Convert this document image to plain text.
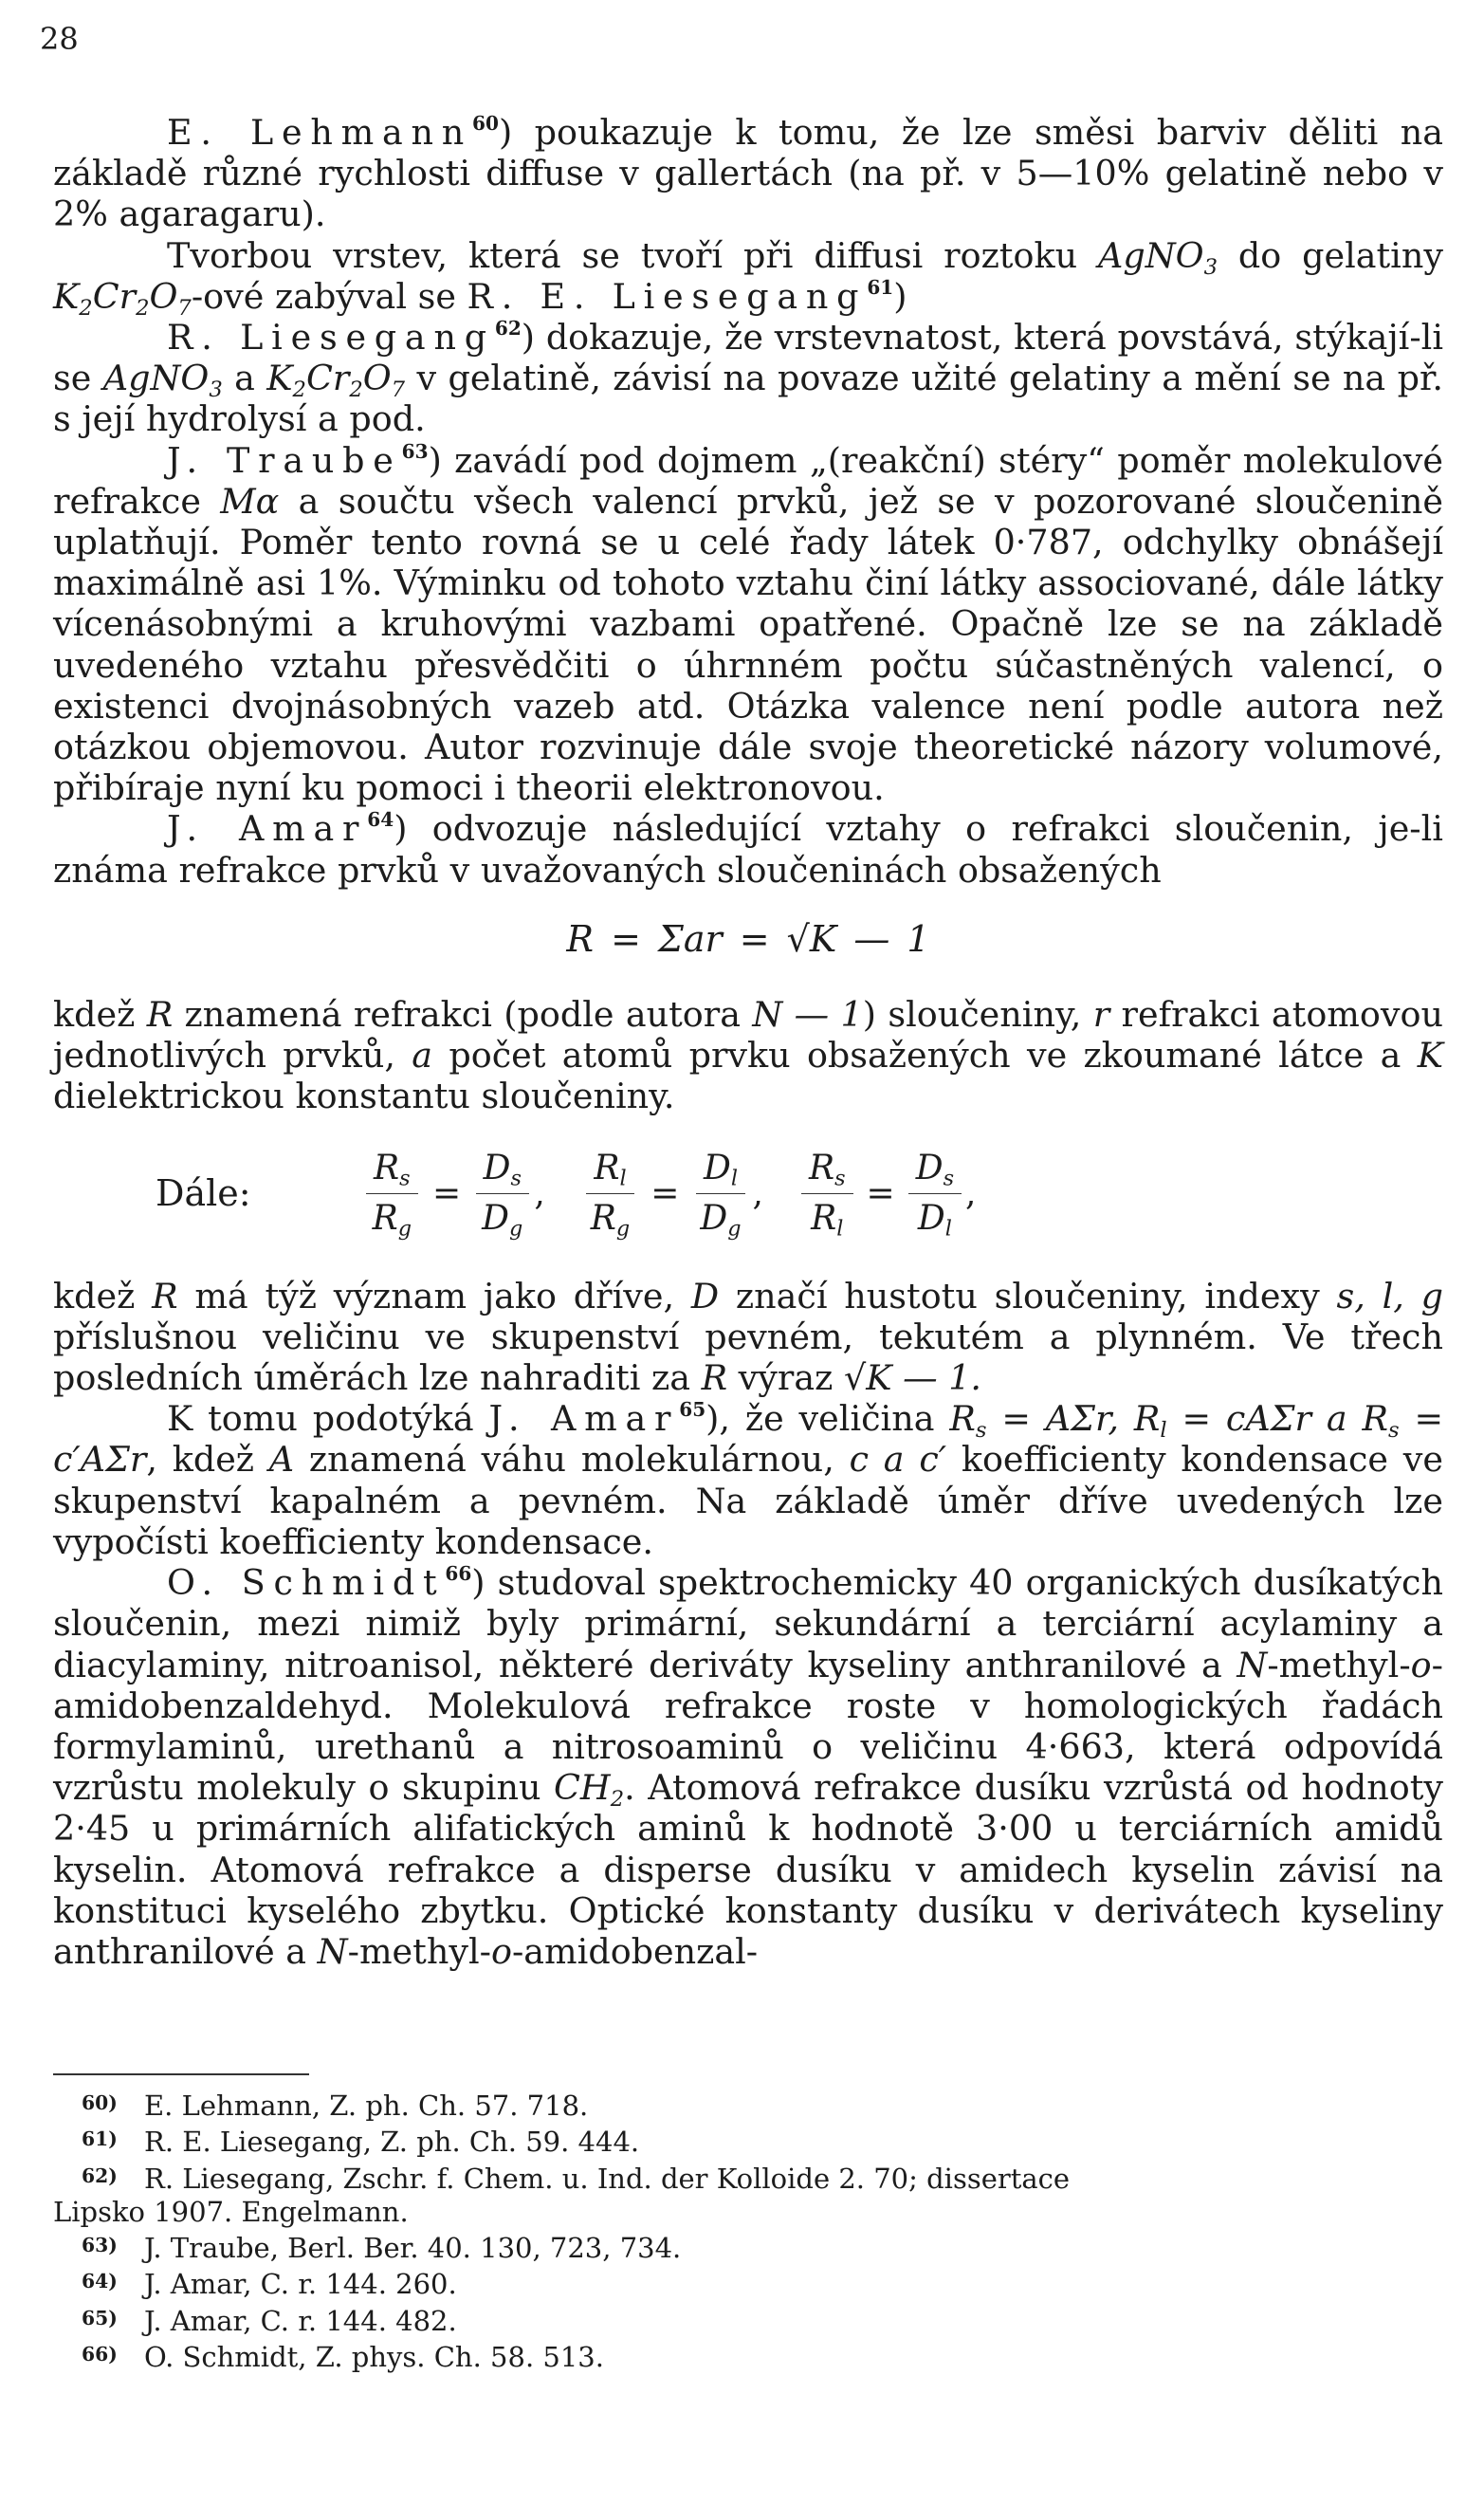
28

E. Lehmann$^{60}$) poukazuje k tomu, že lze směsi barviv děliti na základě různé rychlosti diffuse v gallertách (na př. v 5—10% gelatině nebo v 2% agaragaru).

Tvorbou vrstev, která se tvoří při diffusi roztoku AgNO$_3$ do gelatiny $K_2Cr_2O_7$-ové zabýval se R. E. Liesegang$^{61}$)

R. Liesegang$^{62}$) dokazuje, že vrstevnatost, která povstává, stýkají-li se AgNO$_3$ a $K_2Cr_2O_7$ v gelatině, závisí na povaze užité gelatiny a mění se na př. s její hydrolysí a pod.

J. Traube$^{63}$) zavádí pod dojmem „(reakční) stéry“ poměr molekulové refrakce Mα a součtu všech valencí prvků, jež se v pozorované sloučenině uplatňují. Poměr tento rovná se u celé řady látek 0·787, odchylky obnášejí maximálně asi 1%. Výminku od tohoto vztahu činí látky associované, dále látky vícenásobnými a kruhovými vazbami opatřené. Opačně lze se na základě uvedeného vztahu přesvědčiti o úhrnném počtu súčastněných valencí, o existenci dvojnásobných vazeb atd. Otázka valence není podle autora než otázkou objemovou. Autor rozvinuje dále svoje theoretické názory volumové, přibíraje nyní ku pomoci i theorii elektronovou.

J. Amar$^{64}$) odvozuje následující vztahy o refrakci sloučenin, je-li známa refrakce prvků v uvažovaných sloučeninách obsažených

R = Σar = √K — 1

kdež R znamená refrakci (podle autora N — 1) sloučeniny, r refrakci atomovou jednotlivých prvků, a počet atomů prvku obsažených ve zkoumané látce a K dielektrickou konstantu sloučeniny.

Dále:	$\frac{R_s}{R_g} = \frac{D_s}{D_g}$ , $\frac{R_l}{R_g} = \frac{D_l}{D_g}$ , $\frac{R_s}{R_l} = \frac{D_s}{D_l}$ ,

kdež R má týž význam jako dříve, D značí hustotu sloučeniny, indexy s, l, g příslušnou veličinu ve skupenství pevném, tekutém a plynném. Ve třech posledních úměrách lze nahraditi za R výraz √K — 1.

K tomu podotýká J. Amar$^{65}$), že veličina $R_s = A\Sigma r$, $R_l = cA\Sigma r$ a $R_s = c'A\Sigma r$, kdež A znamená váhu molekulárnou, c a c′ koefficienty kondensace ve skupenství kapalném a pevném. Na základě úměr dříve uvedených lze vypočísti koefficienty kondensace.

O. Schmidt$^{66}$) studoval spektrochemicky 40 organických dusíkatých sloučenin, mezi nimiž byly primární, sekundární a terciární acylaminy a diacylaminy, nitroanisol, některé deriváty kyseliny anthranilové a N-methyl-o-amidobenzaldehyd. Molekulová refrakce roste v homologických řadách formylaminů, urethanů a nitrosoaminů o veličinu 4·663, která odpovídá vzrůstu molekuly o skupinu $CH_2$. Atomová refrakce dusíku vzrůstá od hodnoty 2·45 u primárních alifatických aminů k hodnotě 3·00 u terciárních amidů kyselin. Atomová refrakce a disperse dusíku v amidech kyselin závisí na konstituci kyselého zbytku. Optické konstanty dusíku v derivátech kyseliny anthranilové a N-methyl-o-amidobenzal-

60) E. Lehmann, Z. ph. Ch. 57. 718.

61) R. E. Liesegang, Z. ph. Ch. 59. 444.

62) R. Liesegang, Zschr. f. Chem. u. Ind. der Kolloide 2. 70; dissertace

Lipsko 1907. Engelmann.

63) J. Traube, Berl. Ber. 40. 130, 723, 734.

64) J. Amar, C. r. 144. 260.

65) J. Amar, C. r. 144. 482.

66) O. Schmidt, Z. phys. Ch. 58. 513.
